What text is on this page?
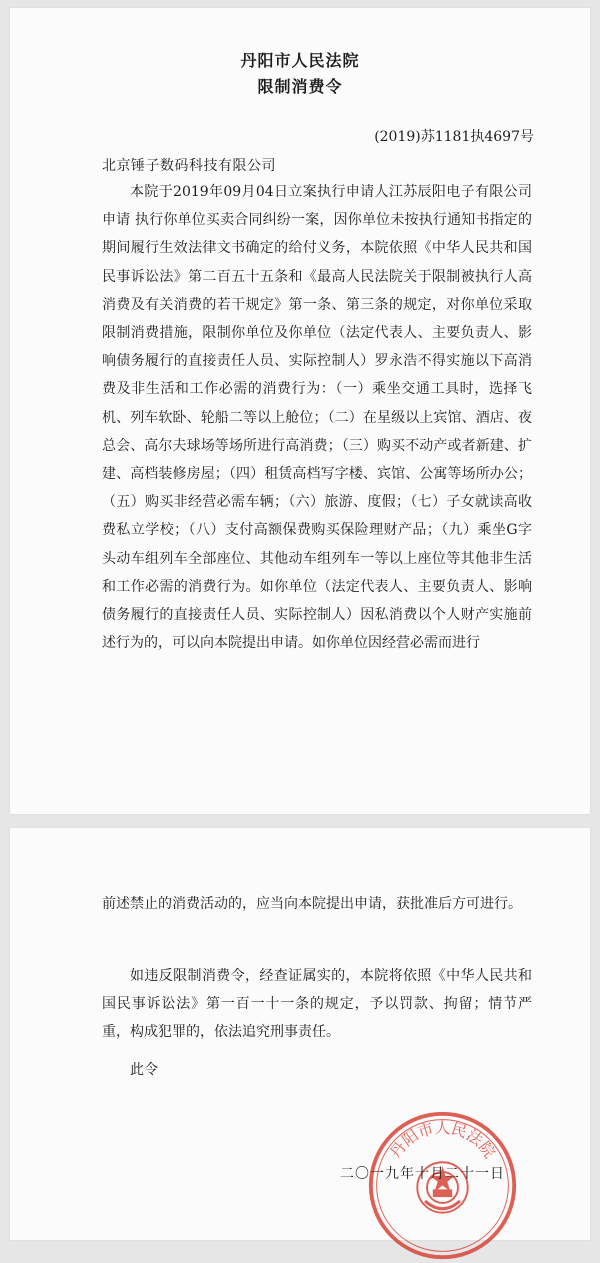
丹阳市人民法院
限制消费令
(2019)苏1181执4697号
北京锤子数码科技有限公司

本院于2019年09月04日立案执行申请人江苏辰阳电子有限公司申请 执行你单位买卖合同纠纷一案，因你单位未按执行通知书指定的期间履行生效法律文书确定的给付义务，本院依照《中华人民共和国民事诉讼法》第二百五十五条和《最高人民法院关于限制被执行人高消费及有关消费的若干规定》第一条、第三条的规定，对你单位采取限制消费措施，限制你单位及你单位（法定代表人、主要负责人、影响债务履行的直接责任人员、实际控制人）罗永浩不得实施以下高消费及非生活和工作必需的消费行为：（一）乘坐交通工具时，选择飞机、列车软卧、轮船二等以上舱位；（二）在星级以上宾馆、酒店、夜总会、高尔夫球场等场所进行高消费；（三）购买不动产或者新建、扩建、高档装修房屋；（四）租赁高档写字楼、宾馆、公寓等场所办公；（五）购买非经营必需车辆；（六）旅游、度假；（七）子女就读高收费私立学校；（八）支付高额保费购买保险理财产品；（九）乘坐G字头动车组列车全部座位、其他动车组列车一等以上座位等其他非生活和工作必需的消费行为。如你单位（法定代表人、主要负责人、影响债务履行的直接责任人员、实际控制人）因私消费以个人财产实施前述行为的，可以向本院提出申请。如你单位因经营必需而进行

前述禁止的消费活动的，应当向本院提出申请，获批准后方可进行。

如违反限制消费令，经查证属实的，本院将依照《中华人民共和国民事诉讼法》第一百一十一条的规定，予以罚款、拘留；情节严重，构成犯罪的，依法追究刑事责任。

此令
丹阳市人民法院
二〇一九年十月二十一日
